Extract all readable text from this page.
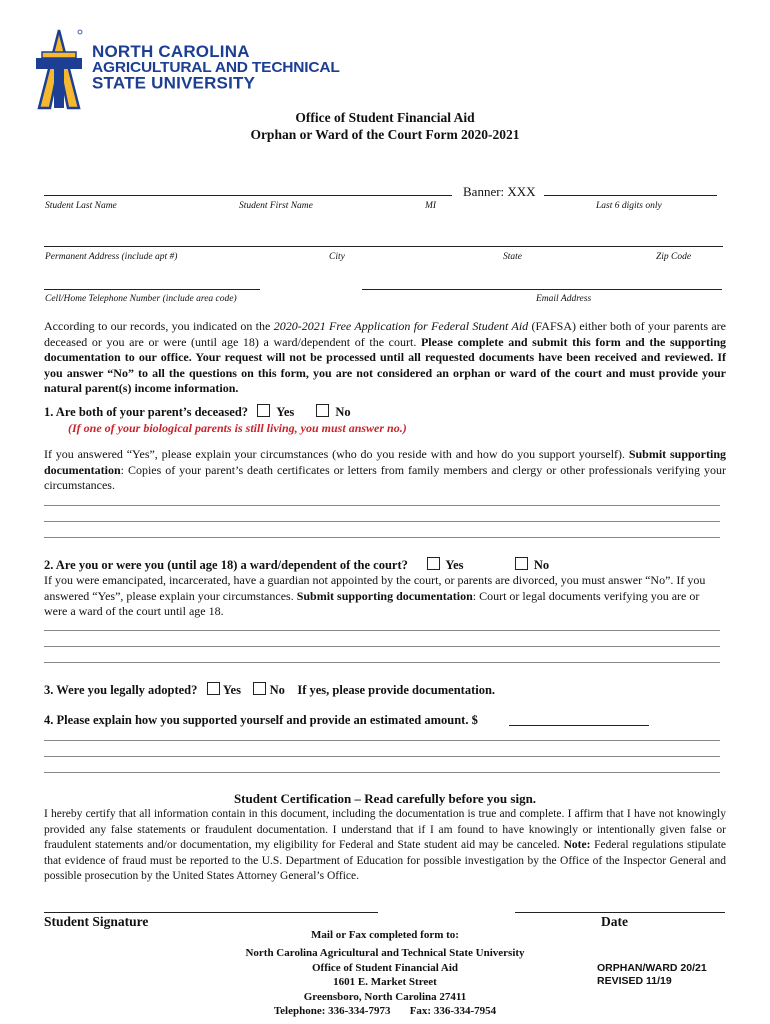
NORTH CAROLINA
AGRICULTURAL AND TECHNICAL
STATE UNIVERSITY
Office of Student Financial Aid
Orphan or Ward of the Court Form 2020-2021
Banner: XXX
Student Last Name	Student First Name	MI	Last 6 digits only
Permanent Address (include apt #)	City	State	Zip Code
Cell/Home Telephone Number (include area code)	Email Address
According to our records, you indicated on the 2020-2021 Free Application for Federal Student Aid (FAFSA) either both of your parents are deceased or you are or were (until age 18) a ward/dependent of the court. Please complete and submit this form and the supporting documentation to our office. Your request will not be processed until all requested documents have been received and reviewed. If you answer “No” to all the questions on this form, you are not considered an orphan or ward of the court and must provide your natural parent(s) income information.
1. Are both of your parent’s deceased? Yes	No
(If one of your biological parents is still living, you must answer no.)
If you answered “Yes”, please explain your circumstances (who do you reside with and how do you support yourself). Submit supporting documentation: Copies of your parent’s death certificates or letters from family members and clergy or other professionals verifying your circumstances.
2. Are you or were you (until age 18) a ward/dependent of the court?	Yes	No
If you were emancipated, incarcerated, have a guardian not appointed by the court, or parents are divorced, you must answer “No”. If you answered “Yes”, please explain your circumstances. Submit supporting documentation: Court or legal documents verifying you are or were a ward of the court until age 18.
3. Were you legally adopted? Yes No If yes, please provide documentation.
4. Please explain how you supported yourself and provide an estimated amount. $
Student Certification – Read carefully before you sign.
I hereby certify that all information contain in this document, including the documentation is true and complete. I affirm that I have not knowingly provided any false statements or fraudulent documentation. I understand that if I am found to have knowingly or intentionally given false or fraudulent statements and/or documentation, my eligibility for Federal and State student aid may be canceled. Note: Federal regulations stipulate that evidence of fraud must be reported to the U.S. Department of Education for possible investigation by the Office of the Inspector General and possible prosecution by the United States Attorney General’s Office.
Student Signature	Date
Mail or Fax completed form to:
North Carolina Agricultural and Technical State University
Office of Student Financial Aid
1601 E. Market Street
Greensboro, North Carolina 27411
Telephone: 336-334-7973 Fax: 336-334-7954
ORPHAN/WARD 20/21
REVISED 11/19
